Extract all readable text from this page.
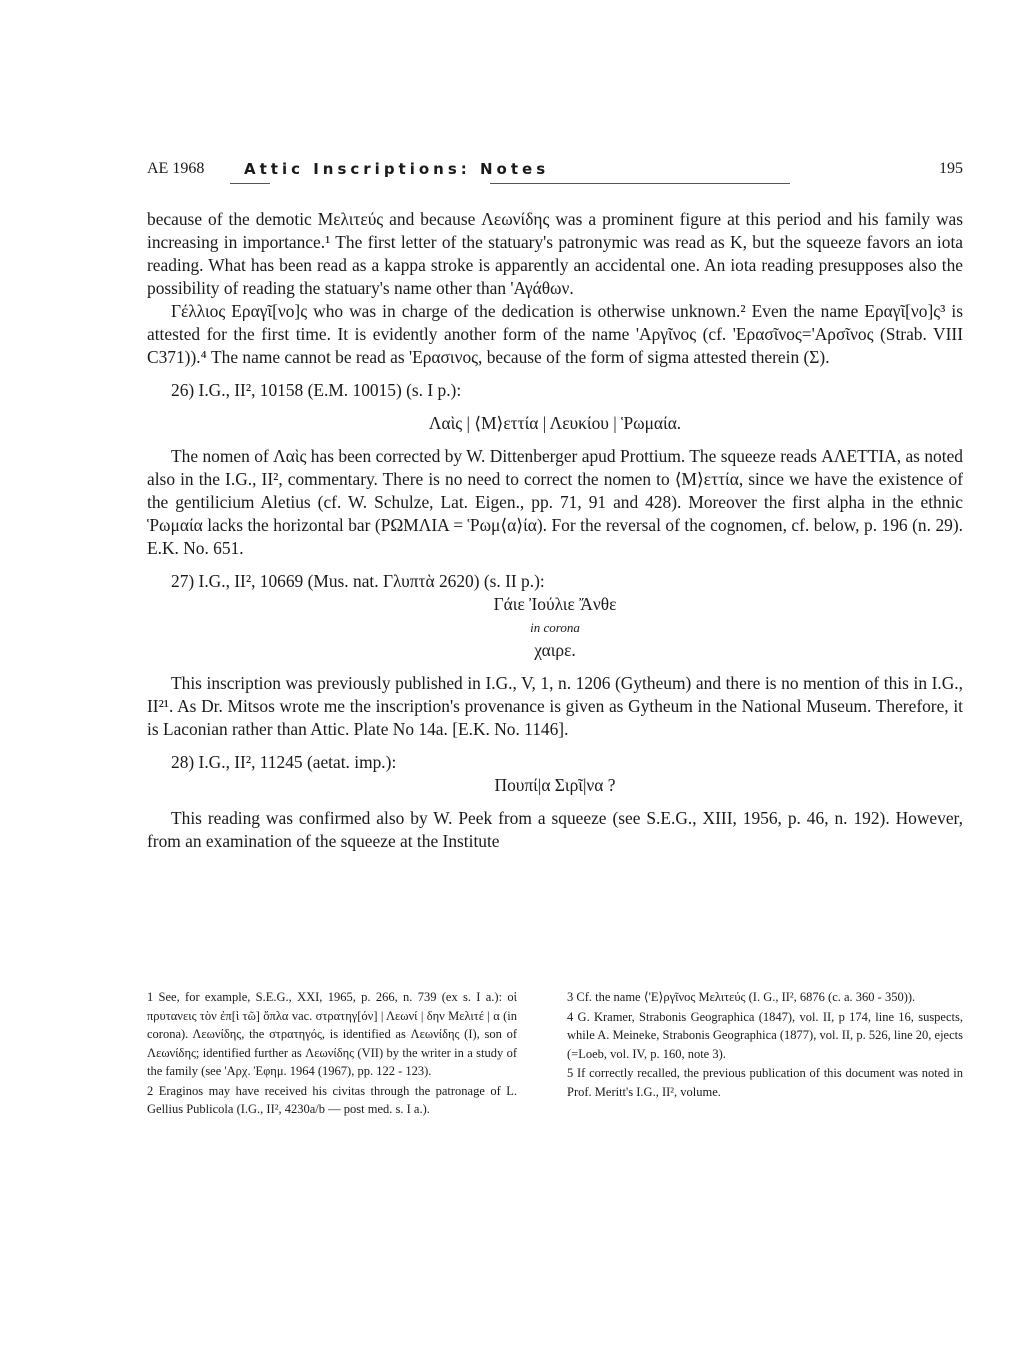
AE 1968	Attic Inscriptions: Notes	195

because of the demotic Μελιτεύς and because Λεωνίδης was a prominent figure at this period and his family was increasing in importance.¹ The first letter of the statuary's patronymic was read as K, but the squeeze favors an iota reading. What has been read as a kappa stroke is apparently an accidental one. An iota reading presupposes also the possibility of reading the statuary's name other than 'Αγάθων.

Γέλλιος Εραγῖ[νο]ς who was in charge of the dedication is otherwise unknown.² Even the name Εραγῖ[νο]ς³ is attested for the first time. It is evidently another form of the name 'Αργῖνος (cf. 'Ερασῖνος='Αρσῖνος (Strab. VIII C371)).⁴ The name cannot be read as 'Ερασινος, because of the form of sigma attested therein (Σ).

26) I.G., II², 10158 (E.M. 10015) (s. I p.):

Λαὶς | ⟨Μ⟩εττία | Λευκίου | Ῥωμαία.

The nomen of Λαὶς has been corrected by W. Dittenberger apud Prottium. The squeeze reads ΑΛΕΤΤΙΑ, as noted also in the I.G., II², commentary. There is no need to correct the nomen to ⟨Μ⟩εττία, since we have the existence of the gentilicium Aletius (cf. W. Schulze, Lat. Eigen., pp. 71, 91 and 428). Moreover the first alpha in the ethnic Ῥωμαία lacks the horizontal bar (ΡΩΜΛΙΑ = Ῥωμ⟨α⟩ία). For the reversal of the cognomen, cf. below, p. 196 (n. 29). E.K. No. 651.

27) I.G., II², 10669 (Mus. nat. Γλυπτὰ 2620) (s. II p.):

Γάιε Ἰούλιε Ἄνθε

in corona

χαιρε.

This inscription was previously published in I.G., V, 1, n. 1206 (Gytheum) and there is no mention of this in I.G., II²¹. As Dr. Mitsos wrote me the inscription's provenance is given as Gytheum in the National Museum. Therefore, it is Laconian rather than Attic. Plate No 14a. [E.K. No. 1146].

28) I.G., II², 11245 (aetat. imp.):

Πουπί|α Σιρῖ|να ?

This reading was confirmed also by W. Peek from a squeeze (see S.E.G., XIII, 1956, p. 46, n. 192). However, from an examination of the squeeze at the Institute

1 See, for example, S.E.G., XXI, 1965, p. 266, n. 739 (ex s. I a.): οἱ πρυτανεις τὸν ἐπ[ὶ τῶ] ὅπλα vac. στρατηγ[όν] | Λεωνί | δην Μελιτέ | α (in corona). Λεωνίδης, the στρατηγός, is identified as Λεωνίδης (I), son of Λεωνίδης; identified further as Λεωνίδης (VII) by the writer in a study of the family (see 'Αρχ. Ἐφημ. 1964 (1967), pp. 122 - 123).

2 Eraginos may have received his civitas through the patronage of L. Gellius Publicola (I.G., II², 4230a/b — post med. s. I a.).

3 Cf. the name ⟨'Ε⟩ργῖνος Μελιτεύς (I. G., II², 6876 (c. a. 360 - 350)).

4 G. Kramer, Strabonis Geographica (1847), vol. II, p 174, line 16, suspects, while A. Meineke, Strabonis Geographica (1877), vol. II, p. 526, line 20, ejects (=Loeb, vol. IV, p. 160, note 3).

5 If correctly recalled, the previous publication of this document was noted in Prof. Meritt's I.G., II², volume.
